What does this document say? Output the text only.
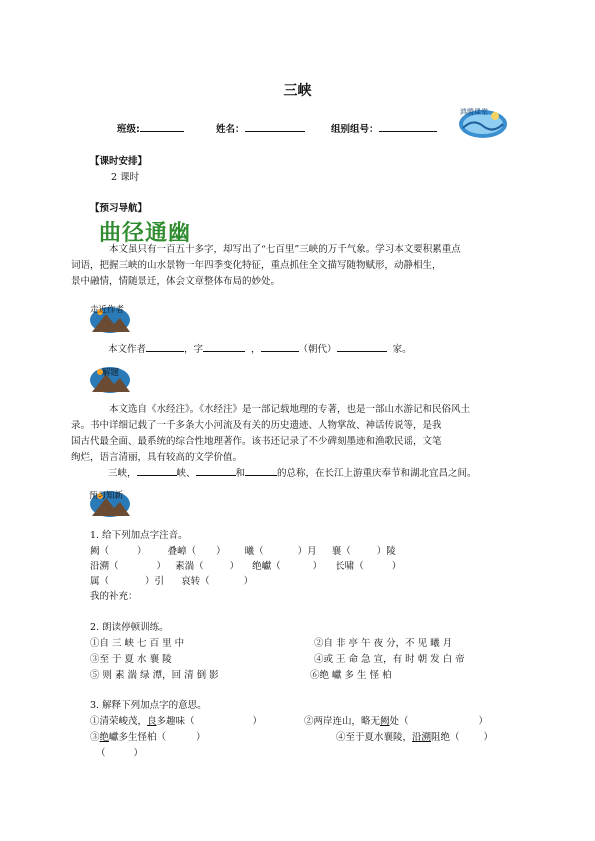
三峡
班级:	姓名：	组别组号：
鸿腾课堂
【课时安排】
2 课时
【预习导航】
曲径通幽
本文虽只有一百五十多字，却写出了“七百里”三峡的万千气象。学习本文要积累重点
词语，把握三峡的山水景物一年四季变化特征，重点抓住全文描写随物赋形，动静相生，
景中融情，情随景迁，体会文章整体布局的妙处。
走近作者
本文作者	，字	，	（朝代）	家。
解题
本文选自《水经注》。《水经注》是一部记载地理的专著，也是一部山水游记和民俗风土
录。书中详细记载了一千多条大小河流及有关的历史遗迹、人物掌故、神话传说等，是我
国古代最全面、最系统的综合性地理著作。该书还记录了不少碑刻墨迹和渔歌民谣，文笔
绚烂，语言清丽，具有较高的文学价值。
三峡，	峡、	和	的总称，在长江上游重庆奉节和湖北宜昌之间。
预习知新
1. 给下列加点字注音。
阙（	） 叠嶂（ ） 曦（	）月 襄（	）陵
沿溯（	） 素湍（	） 绝巘（	） 长啸（	）
属（	）引 哀转（	）
我的补充：
2. 朗读停顿训练。
①自 三 峡 七 百 里 中	②自 非 亭 午 夜 分，不 见 曦 月
③至 于 夏 水 襄 陵	④或 王 命 急 宣，有 时 朝 发 白 帝
⑤ 则 素 湍 绿 潭，回 清 倒 影	⑥绝 巘 多 生 怪 柏
3. 解释下列加点字的意思。
①清荣峻茂，良多趣味（	）	②两岸连山，略无阙处（	）
③绝巘多生怪柏（	）	④至于夏水襄陵，沿溯阻绝（	）
（	）
